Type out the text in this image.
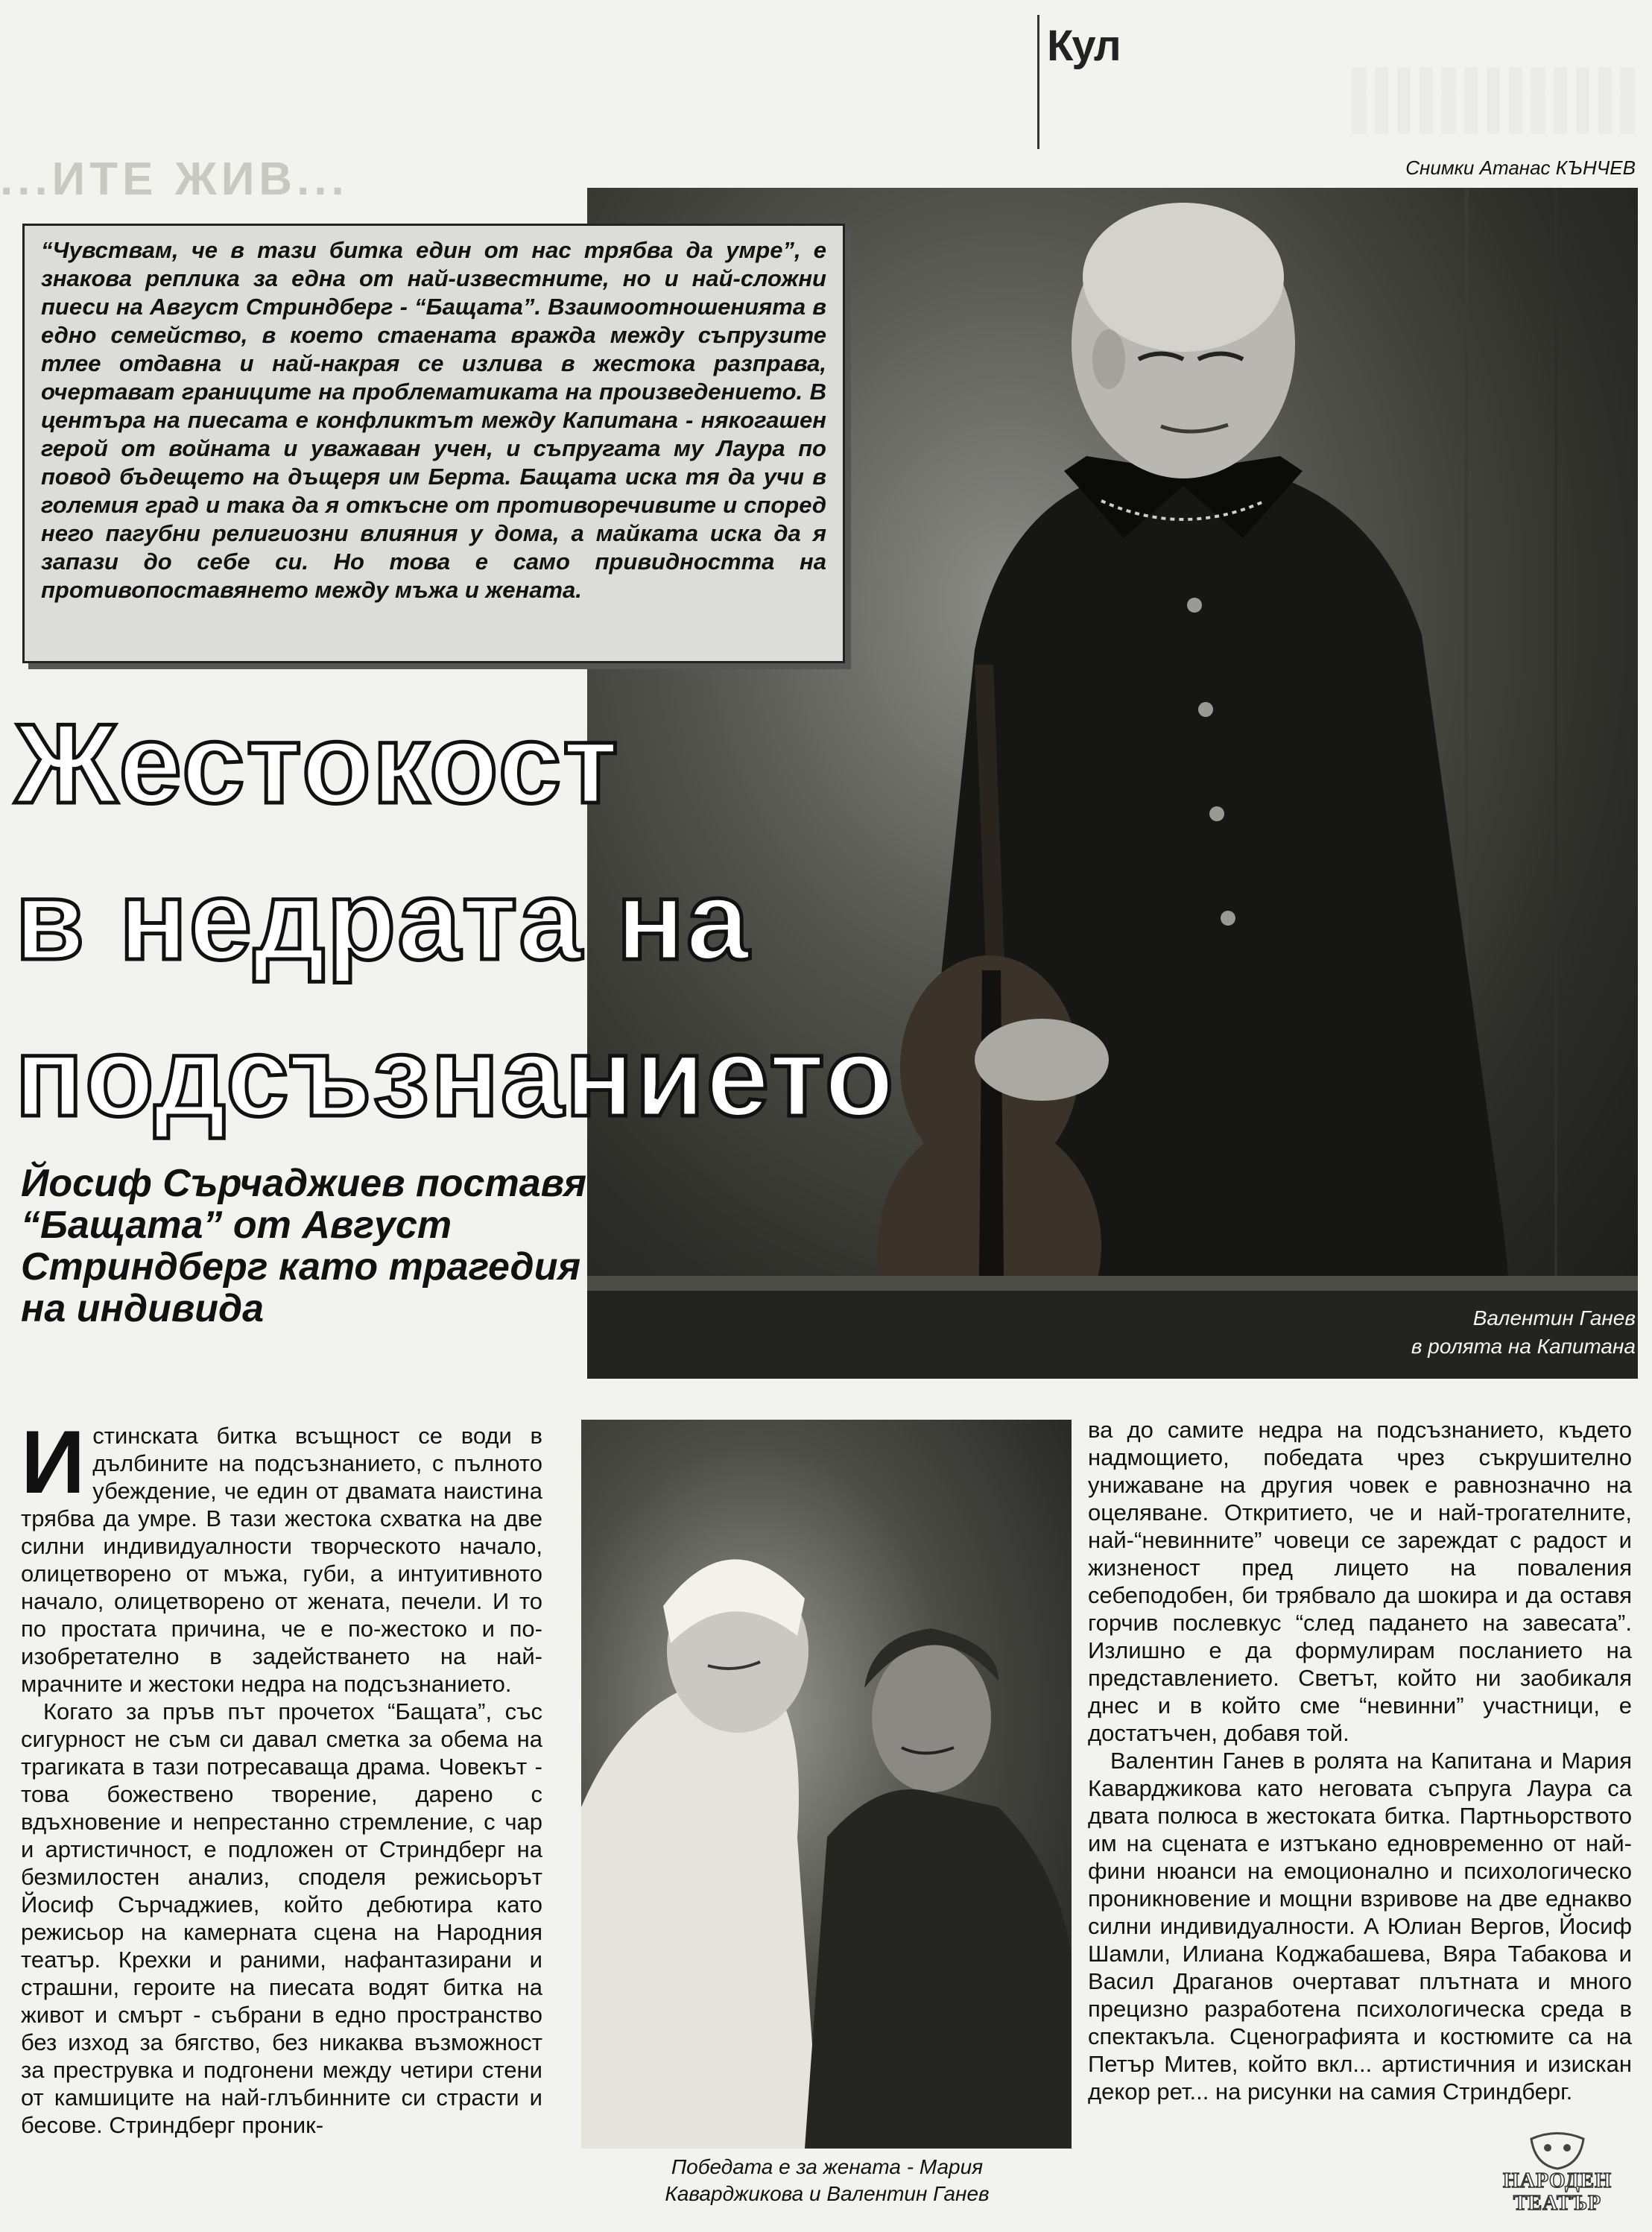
Кул
...ИТЕ ЖИВ...	Снимки Атанас КЪНЧЕВ
Валентин Ганев
в ролята на Капитана

“Чувствам, че в тази битка един от нас трябва да умре”, е знакова реплика за една от най-известните, но и най-сложни пиеси на Август Стриндберг - “Бащата”. Взаимоотношенията в едно семейство, в което стаената вражда между съпрузите тлее отдавна и най-накрая се излива в жестока разправа, очертават границите на проблематиката на произведението. В центъра на пиесата е конфликтът между Капитана - някогашен герой от войната и уважаван учен, и съпругата му Лаура по повод бъдещето на дъщеря им Берта. Бащата иска тя да учи в големия град и така да я откъсне от противоречивите и според него пагубни религиозни влияния у дома, а майката иска да я запази до себе си. Но това е само привидността на противопоставянето между мъжа и жената.

Жестокост
в недрата на
подсъзнанието
Йосиф Сърчаджиев поставя “Бащата” от Август Стриндберг като трагедия на индивида

Истинската битка всъщност се води в дълбините на подсъзнанието, с пълното убеждение, че един от двамата наистина трябва да умре. В тази жестока схватка на две силни индивидуалности творческото начало, олицетворено от мъжа, губи, а интуитивното начало, олицетворено от жената, печели. И то по простата причина, че е по-жестоко и по-изобретателно в задействането на най-мрачните и жестоки недра на подсъзнанието.

Когато за пръв път прочетох “Бащата”, със сигурност не съм си давал сметка за обема на трагиката в тази потресаваща драма. Човекът - това божествено творение, дарено с вдъхновение и непрестанно стремление, с чар и артистичност, е подложен от Стриндберг на безмилостен анализ, споделя режисьорът Йосиф Сърчаджиев, който дебютира като режисьор на камерната сцена на Народния театър. Крехки и раними, нафантазирани и страшни, героите на пиесата водят битка на живот и смърт - събрани в едно пространство без изход за бягство, без никаква възможност за преструвка и подгонени между четири стени от камшиците на най-глъбинните си страсти и бесове. Стриндберг проник-

Победата е за жената - Мария
Каварджикова и Валентин Ганев

ва до самите недра на подсъзнанието, където надмощието, победата чрез съкрушително унижаване на другия човек е равнозначно на оцеляване. Откритието, че и най-трогателните, най-“невинните” човеци се зареждат с радост и жизненост пред лицето на поваления себеподобен, би трябвало да шокира и да оставя горчив послевкус “след падането на завесата”. Излишно е да формулирам посланието на представлението. Светът, който ни заобикаля днес и в който сме “невинни” участници, е достатъчен, добавя той.

Валентин Ганев в ролята на Капитана и Мария Каварджикова като неговата съпруга Лаура са двата полюса в жестоката битка. Партньорството им на сцената е изтъкано едновременно от най-фини нюанси на емоционално и психологическо проникновение и мощни взривове на две еднакво силни индивидуалности. А Юлиан Вергов, Йосиф Шамли, Илиана Коджабашева, Вяра Табакова и Васил Драганов очертават плътната и много прецизно разработена психологическа среда в спектакъла. Сценографията и костюмите са на Петър Митев, който вкл... артистичния и изискан декор рет... на рисунки на самия Стриндберг.

НАРОДЕН
ТЕАТЪР
